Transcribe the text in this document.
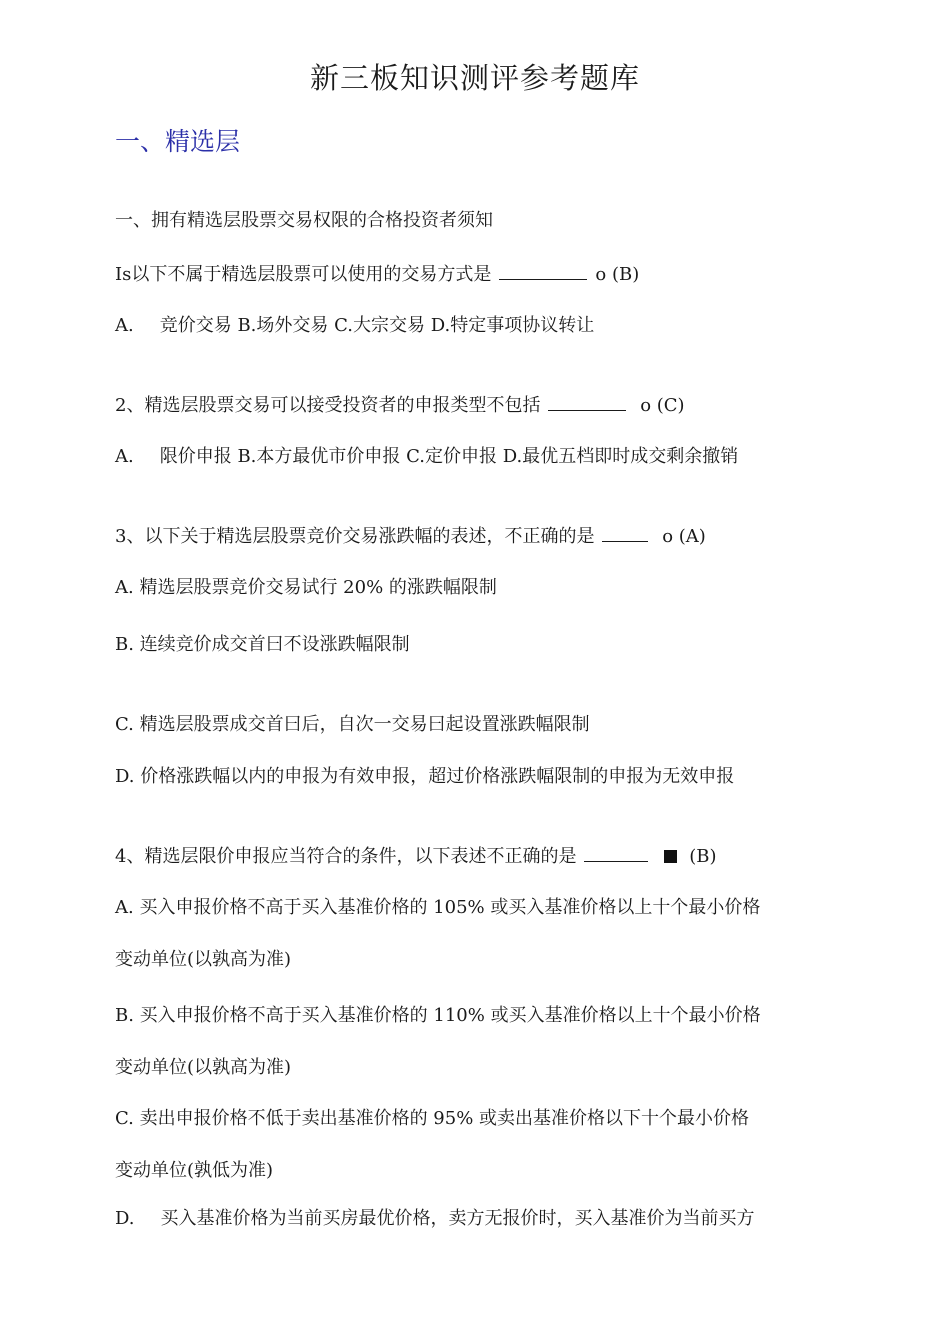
新三板知识测评参考题库
一、精选层
一、拥有精选层股票交易权限的合格投资者须知
Is以下不属于精选层股票可以使用的交易方式是	o (B)
A. 竞价交易 B.场外交易 C.大宗交易 D.特定事项协议转让
2、精选层股票交易可以接受投资者的申报类型不包括	o (C)
A. 限价申报 B.本方最优市价申报 C.定价申报 D.最优五档即时成交剩余撤销
3、以下关于精选层股票竞价交易涨跌幅的表述，不正确的是	o (A)
A. 精选层股票竞价交易试行 20% 的涨跌幅限制
B. 连续竞价成交首曰不设涨跌幅限制
C. 精选层股票成交首曰后，自次一交易曰起设置涨跌幅限制
D. 价格涨跌幅以内的申报为有效申报，超过价格涨跌幅限制的申报为无效申报
4、精选层限价申报应当符合的条件，以下表述不正确的是	(B)
A. 买入申报价格不高于买入基准价格的 105% 或买入基准价格以上十个最小价格
变动单位(以孰高为准)
B. 买入申报价格不高于买入基准价格的 110% 或买入基准价格以上十个最小价格
变动单位(以孰高为准)
C. 卖出申报价格不低于卖出基准价格的 95% 或卖出基准价格以下十个最小价格
变动单位(孰低为准)
D. 买入基准价格为当前买房最优价格，卖方无报价时，买入基准价为当前买方
